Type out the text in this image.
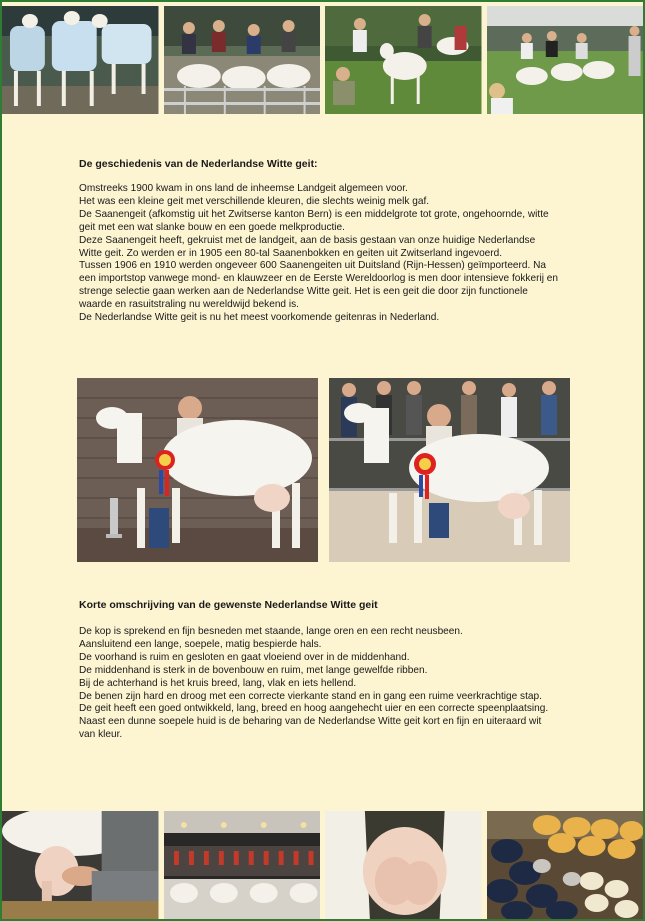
De geschiedenis van de Nederlandse Witte geit:

Omstreeks 1900 kwam in ons land de inheemse Landgeit algemeen voor.

Het was een kleine geit met verschillende kleuren, die slechts weinig melk gaf.

De Saanengeit (afkomstig uit het Zwitserse kanton Bern) is een middelgrote tot grote, ongehoornde, witte geit met een wat slanke bouw en een goede melkproductie.

Deze Saanengeit heeft, gekruist met de landgeit, aan de basis gestaan van onze huidige Nederlandse Witte geit. Zo werden er in 1905 een 80-tal Saanenbokken en geiten uit Zwitserland ingevoerd.

Tussen 1906 en 1910 werden ongeveer 600 Saanengeiten uit Duitsland (Rijn-Hessen) geïmporteerd. Na een importstop vanwege mond- en klauwzeer en de Eerste Wereldoorlog is men door intensieve fokkerij en strenge selectie gaan werken aan de Nederlandse Witte geit. Het is een geit die door zijn functionele waarde en rasuitstraling nu wereldwijd bekend is.

De Nederlandse Witte geit is nu het meest voorkomende geitenras in Nederland.

Korte omschrijving van de gewenste Nederlandse Witte geit

De kop is sprekend en fijn besneden met staande, lange oren en een recht neusbeen.

Aansluitend een lange, soepele, matig bespierde hals.

De voorhand is ruim en gesloten en gaat vloeiend over in de middenhand.

De middenhand is sterk in de bovenbouw en ruim, met lange gewelfde ribben.

Bij de achterhand is het kruis breed, lang, vlak en iets hellend.

De benen zijn hard en droog met een correcte vierkante stand en in gang een ruime veerkrachtige stap.

De geit heeft een goed ontwikkeld, lang, breed en hoog aangehecht uier en een correcte speenplaatsing.

Naast een dunne soepele huid is de beharing van de Nederlandse Witte geit kort en fijn en uiteraard wit van kleur.
